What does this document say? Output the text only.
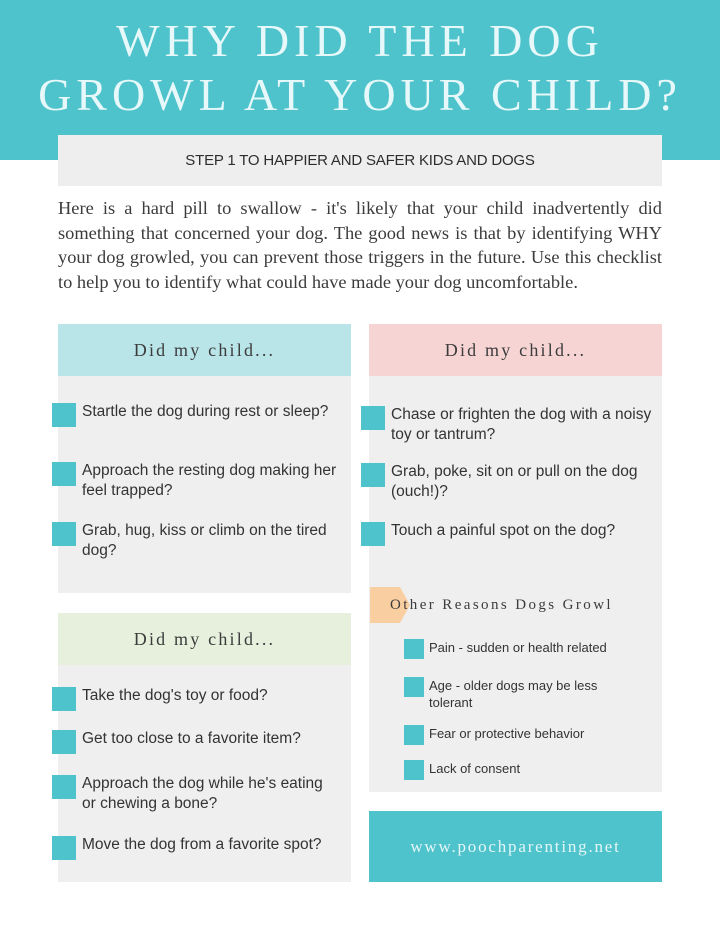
WHY DID THE DOG
GROWL AT YOUR CHILD?
STEP 1 TO HAPPIER AND SAFER KIDS AND DOGS

Here is a hard pill to swallow - it's likely that your child inadvertently did something that concerned your dog. The good news is that by identifying WHY your dog growled, you can prevent those triggers in the future. Use this checklist to help you to identify what could have made your dog uncomfortable.

Did my child...
Startle the dog during rest or sleep?
Approach the resting dog making her feel trapped?
Grab, hug, kiss or climb on the tired dog?
Did my child...
Chase or frighten the dog with a noisy toy or tantrum?
Grab, poke, sit on or pull on the dog (ouch!)?
Touch a painful spot on the dog?
Other Reasons Dogs Growl
Pain - sudden or health related
Age - older dogs may be less tolerant
Fear or protective behavior
Lack of consent
Did my child...
Take the dog's toy or food?
Get too close to a favorite item?
Approach the dog while he's eating or chewing a bone?
Move the dog from a favorite spot?	www.poochparenting.net
